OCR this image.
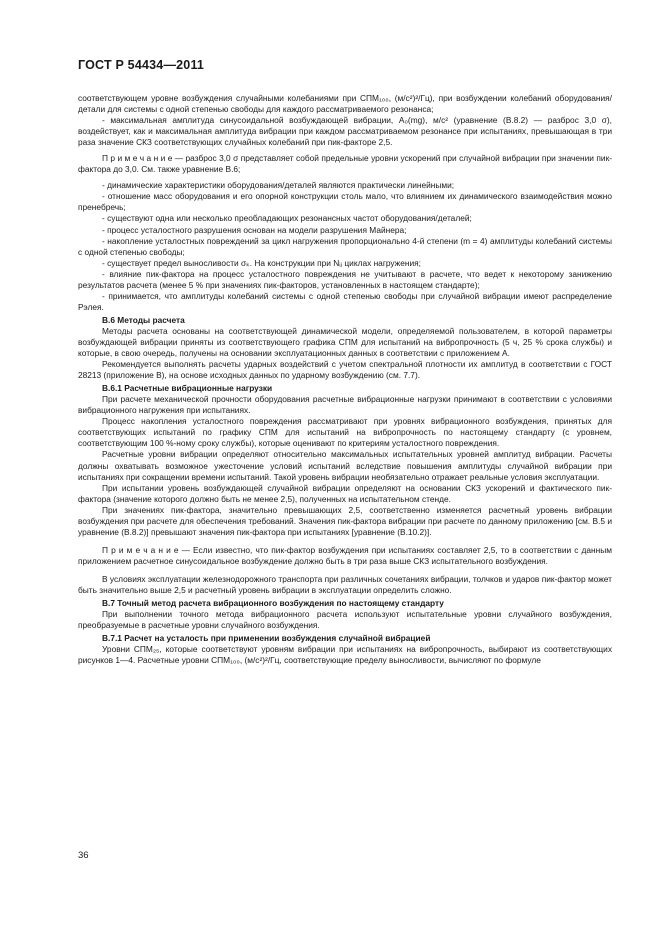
ГОСТ Р 54434—2011

соответствующем уровне возбуждения случайными колебаниями при СПМ₁₀₀, (м/с²)²/Гц), при возбуждении колебаний оборудования/детали для системы с одной степенью свободы для каждого рассматриваемого резонанса;

- максимальная амплитуда синусоидальной возбуждающей вибрации, A₀(mg), м/с² (уравнение (В.8.2) — разброс 3,0 σ), воздействует, как и максимальная амплитуда вибрации при каждом рассматриваемом резонансе при испытаниях, превышающая в три раза значение СКЗ соответствующих случайных колебаний при пик-факторе 2,5.

П р и м е ч а н и е — разброс 3,0 σ представляет собой предельные уровни ускорений при случайной вибрации при значении пик-фактора до 3,0. См. также уравнение В.6;

- динамические характеристики оборудования/деталей являются практически линейными;

- отношение масс оборудования и его опорной конструкции столь мало, что влиянием их динамического взаимодействия можно пренебречь;

- существуют одна или несколько преобладающих резонансных частот оборудования/деталей;

- процесс усталостного разрушения основан на модели разрушения Майнера;

- накопление усталостных повреждений за цикл нагружения пропорционально 4-й степени (m = 4) амплитуды колебаний системы с одной степенью свободы;

- существует предел выносливости σₖ. На конструкции при Nᵢⱼ циклах нагружения;

- влияние пик-фактора на процесс усталостного повреждения не учитывают в расчете, что ведет к некоторому занижению результатов расчета (менее 5 % при значениях пик-факторов, установленных в настоящем стандарте);

- принимается, что амплитуды колебаний системы с одной степенью свободы при случайной вибрации имеют распределение Рэлея.

В.6 Методы расчета

Методы расчета основаны на соответствующей динамической модели, определяемой пользователем, в которой параметры возбуждающей вибрации приняты из соответствующего графика СПМ для испытаний на вибропрочность (5 ч, 25 % срока службы) и которые, в свою очередь, получены на основании эксплуатационных данных в соответствии с приложением А.

Рекомендуется выполнять расчеты ударных воздействий с учетом спектральной плотности их амплитуд в соответствии с ГОСТ 28213 (приложение В), на основе исходных данных по ударному возбуждению (см. 7.7).

В.6.1 Расчетные вибрационные нагрузки

При расчете механической прочности оборудования расчетные вибрационные нагрузки принимают в соответствии с условиями вибрационного нагружения при испытаниях.

Процесс накопления усталостного повреждения рассматривают при уровнях вибрационного возбуждения, принятых для соответствующих испытаний по графику СПМ для испытаний на вибропрочность по настоящему стандарту (с уровнем, соответствующим 100 %-ному сроку службы), которые оценивают по критериям усталостного повреждения.

Расчетные уровни вибрации определяют относительно максимальных испытательных уровней амплитуд вибрации. Расчеты должны охватывать возможное ужесточение условий испытаний вследствие повышения амплитуды случайной вибрации при испытаниях при сокращении времени испытаний. Такой уровень вибрации необязательно отражает реальные условия эксплуатации.

При испытании уровень возбуждающей случайной вибрации определяют на основании СКЗ ускорений и фактического пик-фактора (значение которого должно быть не менее 2,5), полученных на испытательном стенде.

При значениях пик-фактора, значительно превышающих 2,5, соответственно изменяется расчетный уровень вибрации возбуждения при расчете для обеспечения требований. Значения пик-фактора вибрации при расчете по данному приложению [см. В.5 и уравнение (В.8.2)] превышают значения пик-фактора при испытаниях [уравнение (В.10.2)].

П р и м е ч а н и е — Если известно, что пик-фактор возбуждения при испытаниях составляет 2,5, то в соответствии с данным приложением расчетное синусоидальное возбуждение должно быть в три раза выше СКЗ испытательного возбуждения.

В условиях эксплуатации железнодорожного транспорта при различных сочетаниях вибрации, толчков и ударов пик-фактор может быть значительно выше 2,5 и расчетный уровень вибрации в эксплуатации определить сложно.

В.7 Точный метод расчета вибрационного возбуждения по настоящему стандарту

При выполнении точного метода вибрационного расчета используют испытательные уровни случайного возбуждения, преобразуемые в расчетные уровни случайного возбуждения.

В.7.1 Расчет на усталость при применении возбуждения случайной вибрацией

Уровни СПМ₂₅, которые соответствуют уровням вибрации при испытаниях на вибропрочность, выбирают из соответствующих рисунков 1—4. Расчетные уровни СПМ₁₀₀, (м/с²)²/Гц, соответствующие пределу выносливости, вычисляют по формуле

36
